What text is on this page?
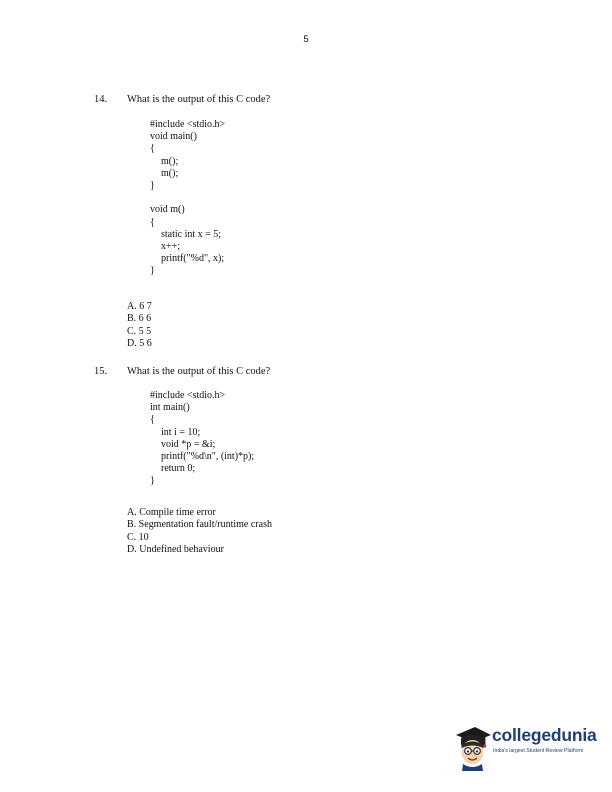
5
14. What is the output of this C code?
#include <stdio.h>
void main()
{
m();
m();
}
void m()
{
static int x = 5;
x++;
printf("%d", x);
}
A. 6 7
B. 6 6
C. 5 5
D. 5 6
15. What is the output of this C code?
#include <stdio.h>
int main()
{
int i = 10;
void *p = &i;
printf("%d\n", (int)*p);
return 0;
}
A. Compile time error
B. Segmentation fault/runtime crash
C. 10
D. Undefined behaviour
collegedunia
India's largest Student Review Platform
